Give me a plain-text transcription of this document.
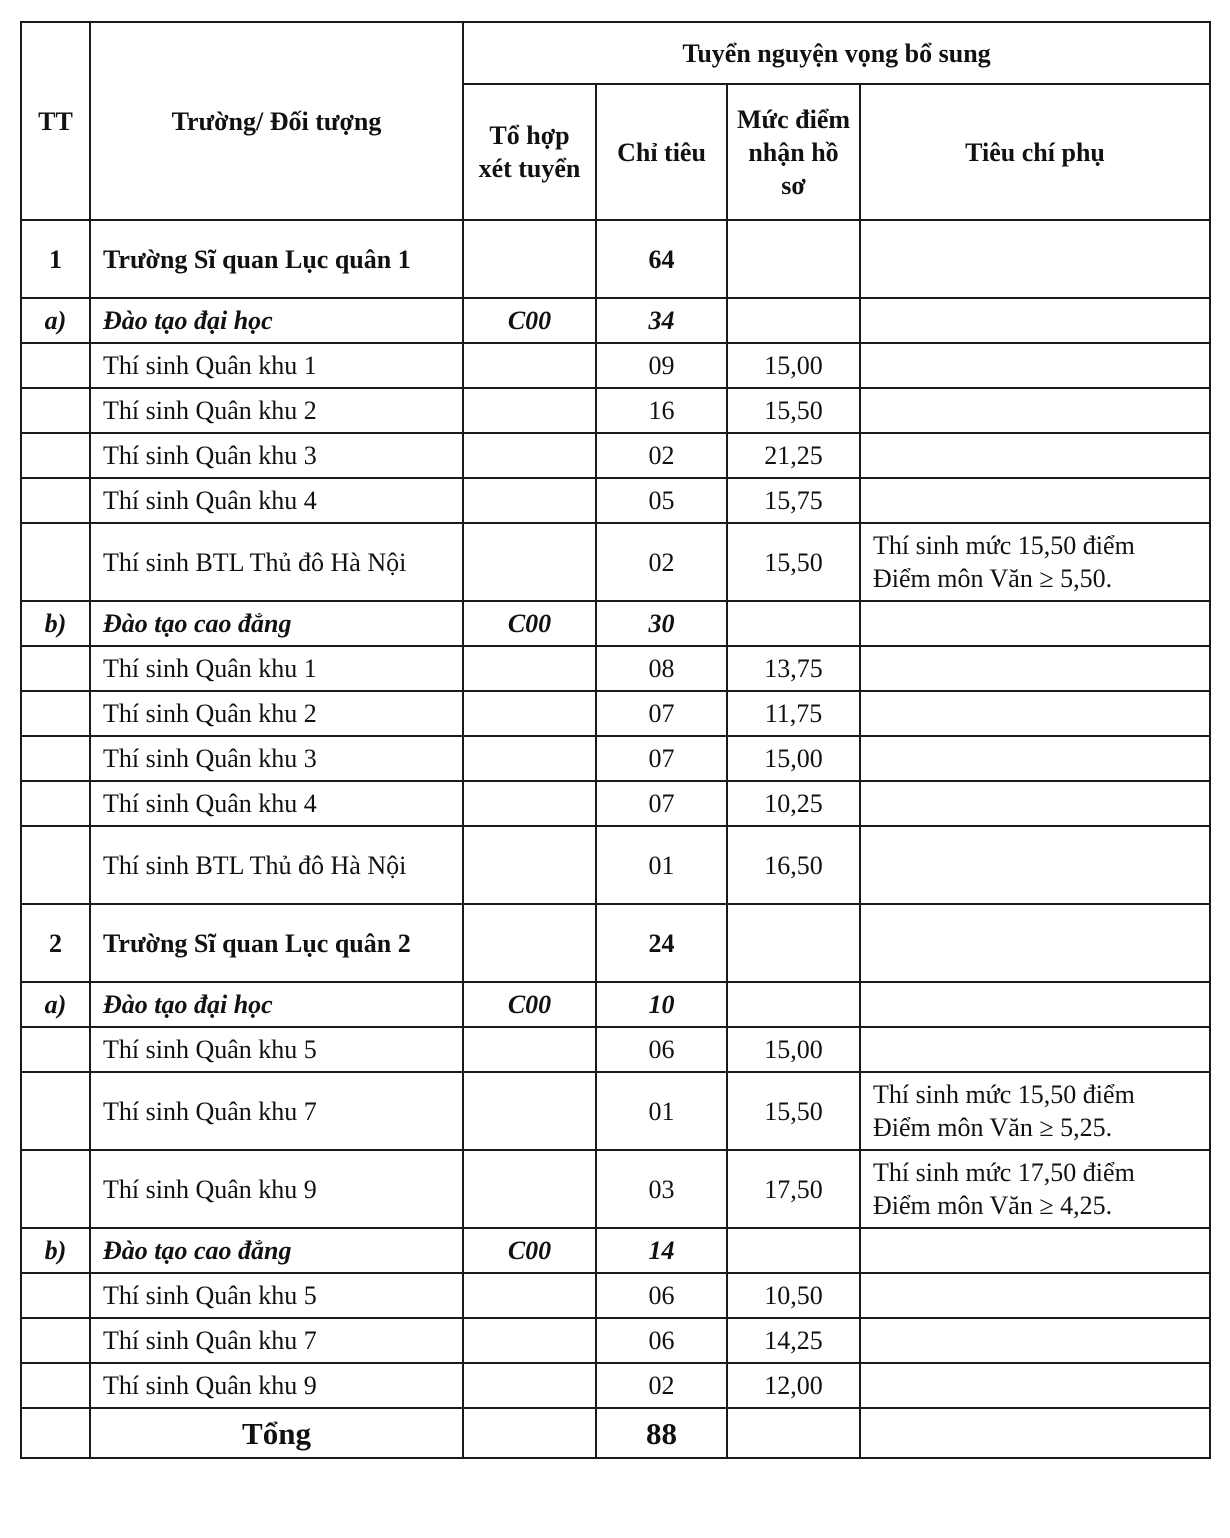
TT	Trường/ Đối tượng	Tuyển nguyện vọng bổ sung			
		Tổ hợp xét tuyển	Chỉ tiêu	Mức điểm nhận hồ sơ	Tiêu chí phụ
1	Trường Sĩ quan Lục quân 1		64		
a)	Đào tạo đại học	C00	34		
	Thí sinh Quân khu 1		09	15,00	
	Thí sinh Quân khu 2		16	15,50	
	Thí sinh Quân khu 3		02	21,25	
	Thí sinh Quân khu 4		05	15,75	
	Thí sinh BTL Thủ đô Hà Nội		02	15,50	Thí sinh mức 15,50 điểm Điểm môn Văn ≥ 5,50.
b)	Đào tạo cao đẳng	C00	30		
	Thí sinh Quân khu 1		08	13,75	
	Thí sinh Quân khu 2		07	11,75	
	Thí sinh Quân khu 3		07	15,00	
	Thí sinh Quân khu 4		07	10,25	
	Thí sinh BTL Thủ đô Hà Nội		01	16,50	
2	Trường Sĩ quan Lục quân 2		24		
a)	Đào tạo đại học	C00	10		
	Thí sinh Quân khu 5		06	15,00	
	Thí sinh Quân khu 7		01	15,50	Thí sinh mức 15,50 điểm Điểm môn Văn ≥ 5,25.
	Thí sinh Quân khu 9		03	17,50	Thí sinh mức 17,50 điểm Điểm môn Văn ≥ 4,25.
b)	Đào tạo cao đẳng	C00	14		
	Thí sinh Quân khu 5		06	10,50	
	Thí sinh Quân khu 7		06	14,25	
	Thí sinh Quân khu 9		02	12,00	
	Tổng		88		
